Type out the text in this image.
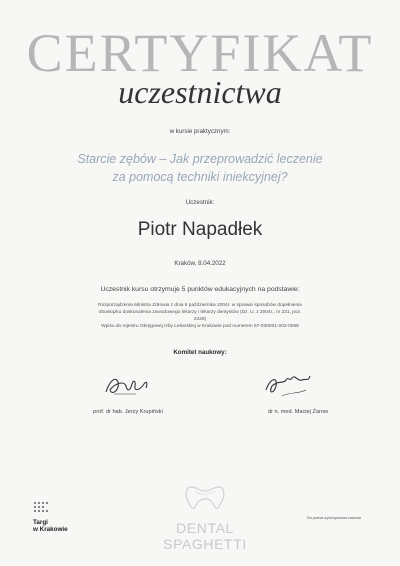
CERTYFIKAT
uczestnictwa
w kursie praktycznym:
Starcie zębów – Jak przeprowadzić leczenie
za pomocą techniki iniekcyjnej?
Uczestnik:
Piotr Napadłek
Kraków, 8.04.2022
Uczestnik kursu otrzymuje 5 punktów edukacyjnych na podstawie:
Rozporządzenia Ministra Zdrowia z dnia 6 października 2004r. w sprawie sposobów dopełnienia
obowiązku doskonalenia zawodowego lekarzy i lekarzy dentystów (Dz. U. z 2004r., nr 231, poz. 2326)
Wpisu do rejestru Okręgowej Izby Lekarskiej w Krakowie pod numerem 57-030001-002-0058
Komitet naukowy:
prof. dr hab. Jerzy Krupiński	dr n. med. Maciej Żarow
Targi
w Krakowie	DENTAL SPAGHETTI
Do prawa wykonywania zawodu
